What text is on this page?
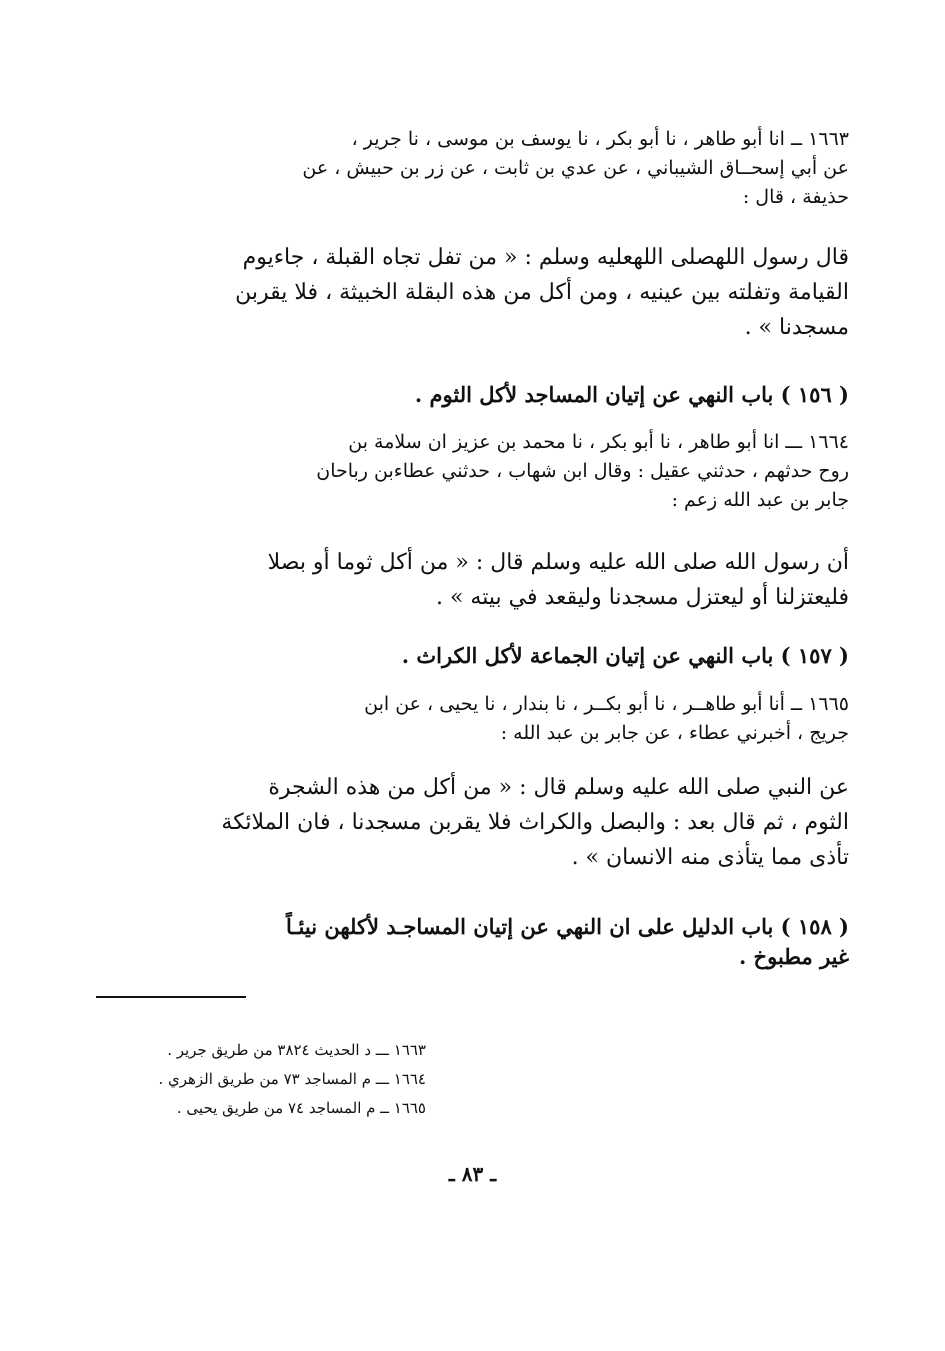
١٦٦٣ ــ انا أبو طاهر ، نا أبو بكر ، نا يوسف بن موسى ، نا جرير ،
عن أبي إسحــاق الشيباني ، عن عدي بن ثابت ، عن زر بن حبيش ، عن
حذيفة ، قال :
قال رسول اللهصلى اللهعليه وسلم : « من تفل تجاه القبلة ، جاءيوم
القيامة وتفلته بين عينيه ، ومن أكل من هذه البقلة الخبيثة ، فلا يقربن
مسجدنا » .
( ١٥٦ ) باب النهي عن إتيان المساجد لأكل الثوم .
١٦٦٤ ـــ انا أبو طاهر ، نا أبو بكر ، نا محمد بن عزيز ان سلامة بن
روح حدثهم ، حدثني عقيل : وقال ابن شهاب ، حدثني عطاءبن رباحان
جابر بن عبد الله زعم :
أن رسول الله صلى الله عليه وسلم قال : « من أكل ثوما أو بصلا
فليعتزلنا أو ليعتزل مسجدنا وليقعد في بيته » .
( ١٥٧ ) باب النهي عن إتيان الجماعة لأكل الكراث .
١٦٦٥ ــ أنا أبو طاهــر ، نا أبو بكــر ، نا بندار ، نا يحيى ، عن ابن
جريج ، أخبرني عطاء ، عن جابر بن عبد الله :
عن النبي صلى الله عليه وسلم قال : « من أكل من هذه الشجرة
الثوم ، ثم قال بعد : والبصل والكراث فلا يقربن مسجدنا ، فان الملائكة
تأذى مما يتأذى منه الانسان » .
( ١٥٨ ) باب الدليل على ان النهي عن إتيان المساجـد لأكلهن نيئـاً
غير مطبوخ .
١٦٦٣ ـــ د الحديث ٣٨٢٤ من طريق جرير .
١٦٦٤ ـــ م المساجد ٧٣ من طريق الزهري .
١٦٦٥ ــ م المساجد ٧٤ من طريق يحيى .
ـ ٨٣ ـ
